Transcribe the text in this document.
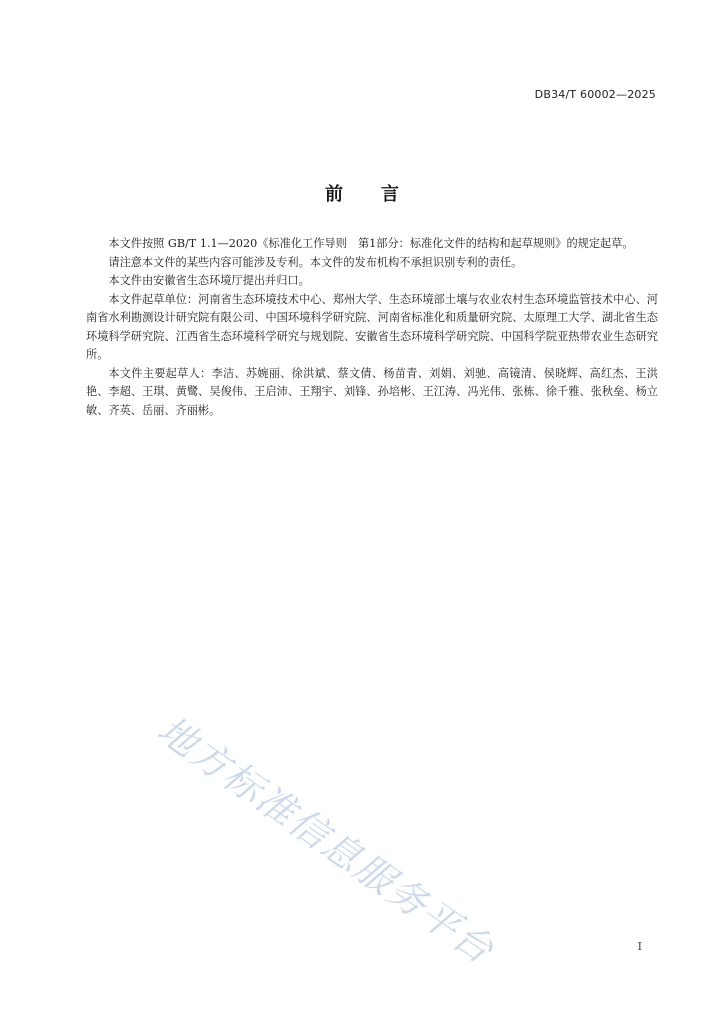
DB34/T 60002—2025
前言

本文件按照 GB/T 1.1—2020《标准化工作导则　第1部分：标准化文件的结构和起草规则》的规定起草。

请注意本文件的某些内容可能涉及专利。本文件的发布机构不承担识别专利的责任。

本文件由安徽省生态环境厅提出并归口。

本文件起草单位：河南省生态环境技术中心、郑州大学、生态环境部土壤与农业农村生态环境监管技术中心、河南省水利勘测设计研究院有限公司、中国环境科学研究院、河南省标准化和质量研究院、太原理工大学、湖北省生态环境科学研究院、江西省生态环境科学研究与规划院、安徽省生态环境科学研究院、中国科学院亚热带农业生态研究所。

本文件主要起草人：李洁、苏婉丽、徐洪斌、蔡文倩、杨苗青、刘娟、刘驰、高镜清、侯晓辉、高红杰、王洪艳、李超、王琪、黄鹭、吴俊伟、王启沛、王翔宇、刘锋、孙培彬、王江涛、冯光伟、张栋、徐千雅、张秋垒、杨立敏、齐英、岳丽、齐丽彬。

地方标准信息服务平台	I
